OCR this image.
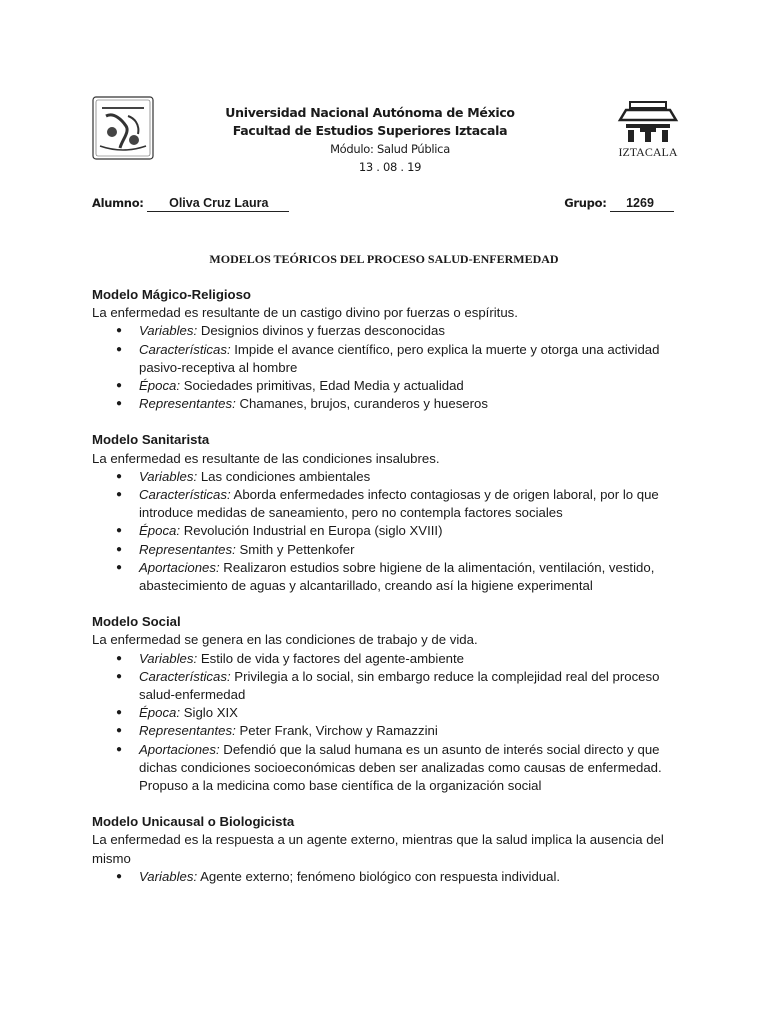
Universidad Nacional Autónoma de México
Facultad de Estudios Superiores Iztacala
Módulo: Salud Pública
13 . 08 . 19
IZTACALA
Alumno: Oliva Cruz Laura	Grupo: 1269
MODELOS TEÓRICOS DEL PROCESO SALUD-ENFERMEDAD
Modelo Mágico-Religioso

La enfermedad es resultante de un castigo divino por fuerzas o espíritus.

● Variables: Designios divinos y fuerzas desconocidas
● Características: Impide el avance científico, pero explica la muerte y otorga una actividad pasivo-receptiva al hombre
● Época: Sociedades primitivas, Edad Media y actualidad
● Representantes: Chamanes, brujos, curanderos y hueseros
Modelo Sanitarista

La enfermedad es resultante de las condiciones insalubres.

● Variables: Las condiciones ambientales
● Características: Aborda enfermedades infecto contagiosas y de origen laboral, por lo que introduce medidas de saneamiento, pero no contempla factores sociales
● Época: Revolución Industrial en Europa (siglo XVIII)
● Representantes: Smith y Pettenkofer
● Aportaciones: Realizaron estudios sobre higiene de la alimentación, ventilación, vestido, abastecimiento de aguas y alcantarillado, creando así la higiene experimental
Modelo Social

La enfermedad se genera en las condiciones de trabajo y de vida.

● Variables: Estilo de vida y factores del agente-ambiente
● Características: Privilegia a lo social, sin embargo reduce la complejidad real del proceso salud-enfermedad
● Época: Siglo XIX
● Representantes: Peter Frank, Virchow y Ramazzini
● Aportaciones: Defendió que la salud humana es un asunto de interés social directo y que dichas condiciones socioeconómicas deben ser analizadas como causas de enfermedad. Propuso a la medicina como base científica de la organización social
Modelo Unicausal o Biologicista

La enfermedad es la respuesta a un agente externo, mientras que la salud implica la ausencia del mismo

● Variables: Agente externo; fenómeno biológico con respuesta individual.
